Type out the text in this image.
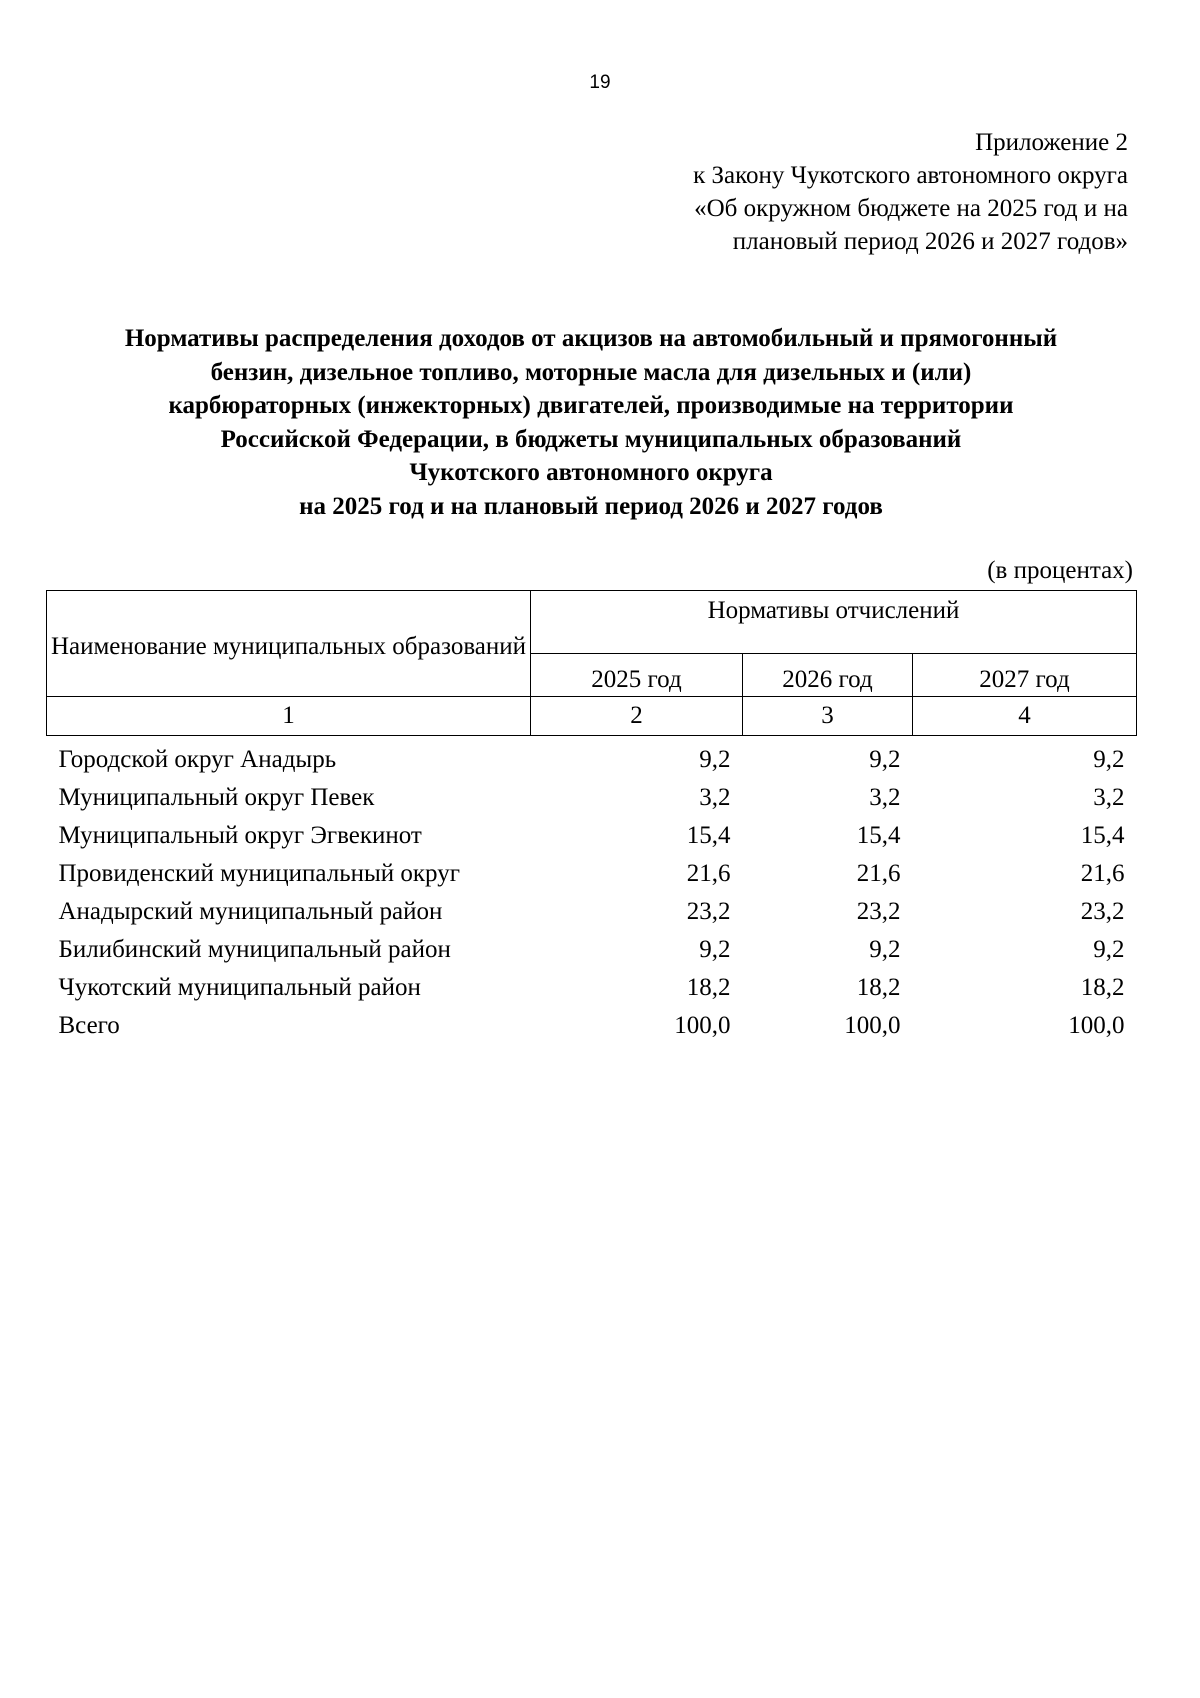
19
Приложение 2
к Закону Чукотского автономного округа
«Об окружном бюджете на 2025 год и на
плановый период 2026 и 2027 годов»
Нормативы распределения доходов от акцизов на автомобильный и прямогонный
бензин, дизельное топливо, моторные масла для дизельных и (или)
карбюраторных (инжекторных) двигателей, производимые на территории
Российской Федерации, в бюджеты муниципальных образований
Чукотского автономного округа
на 2025 год и на плановый период 2026 и 2027 годов
(в процентах)
Наименование муниципальных образований	Нормативы отчислений		
	2025 год	2026 год	2027 год
1	2	3	4
Городской округ Анадырь	9,2	9,2	9,2
Муниципальный округ Певек	3,2	3,2	3,2
Муниципальный округ Эгвекинот	15,4	15,4	15,4
Провиденский муниципальный округ	21,6	21,6	21,6
Анадырский муниципальный район	23,2	23,2	23,2
Билибинский муниципальный район	9,2	9,2	9,2
Чукотский муниципальный район	18,2	18,2	18,2
Всего	100,0	100,0	100,0
